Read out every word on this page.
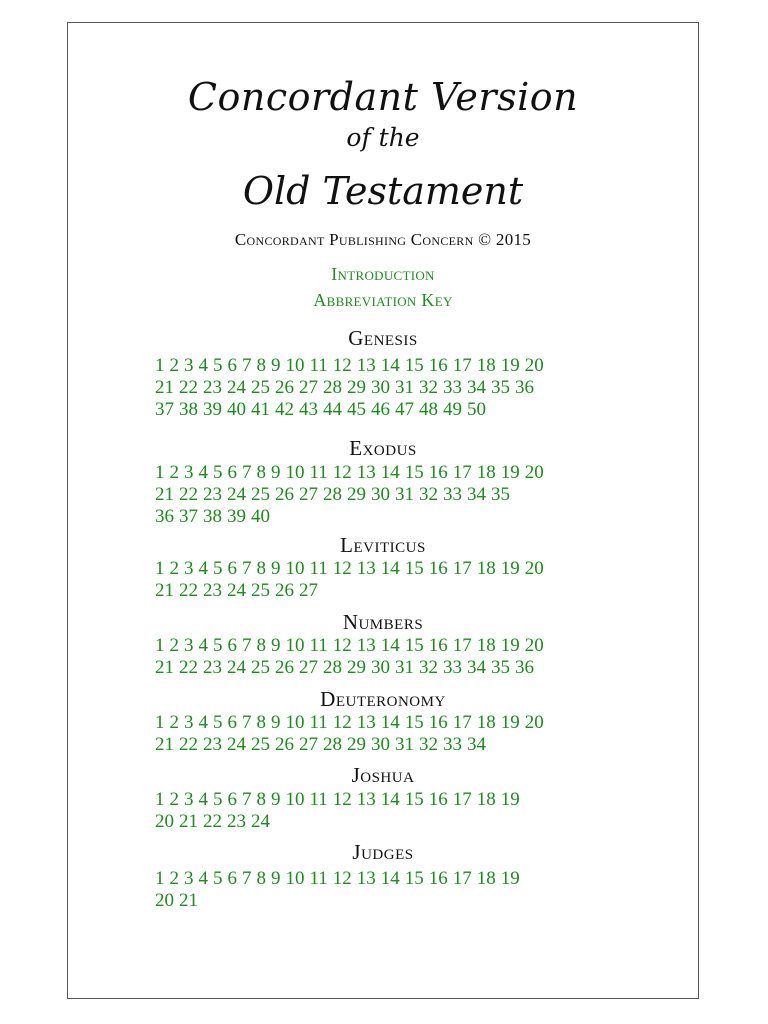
Concordant Version
of the
Old Testament
Concordant Publishing Concern © 2015
Introduction
Abbreviation Key
Genesis
1 2 3 4 5 6 7 8 9 10 11 12 13 14 15 16 17 18 19 20
21 22 23 24 25 26 27 28 29 30 31 32 33 34 35 36
37 38 39 40 41 42 43 44 45 46 47 48 49 50
Exodus
1 2 3 4 5 6 7 8 9 10 11 12 13 14 15 16 17 18 19 20
21 22 23 24 25 26 27 28 29 30 31 32 33 34 35
36 37 38 39 40
Leviticus
1 2 3 4 5 6 7 8 9 10 11 12 13 14 15 16 17 18 19 20
21 22 23 24 25 26 27
Numbers
1 2 3 4 5 6 7 8 9 10 11 12 13 14 15 16 17 18 19 20
21 22 23 24 25 26 27 28 29 30 31 32 33 34 35 36
Deuteronomy
1 2 3 4 5 6 7 8 9 10 11 12 13 14 15 16 17 18 19 20
21 22 23 24 25 26 27 28 29 30 31 32 33 34
Joshua
1 2 3 4 5 6 7 8 9 10 11 12 13 14 15 16 17 18 19
20 21 22 23 24
Judges
1 2 3 4 5 6 7 8 9 10 11 12 13 14 15 16 17 18 19
20 21
